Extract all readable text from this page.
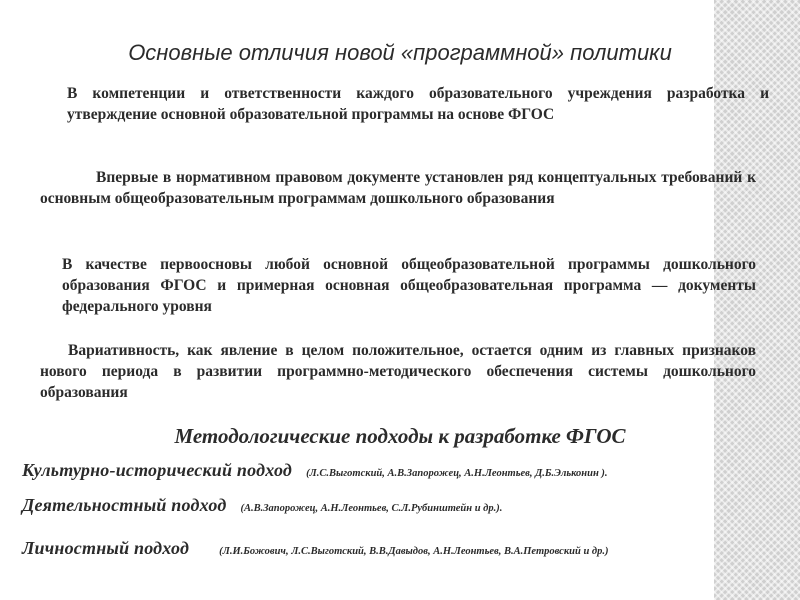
Основные отличия новой «программной» политики
В компетенции и ответственности каждого образовательного учреждения разработка и утверждение основной образовательной программы на основе ФГОС
Впервые в нормативном правовом документе установлен ряд концептуальных требований к основным общеобразовательным программам дошкольного образования
В качестве первоосновы любой основной общеобразовательной программы дошкольного образования ФГОС и примерная основная общеобразовательная программа — документы федерального уровня
Вариативность, как явление в целом положительное, остается одним из главных признаков нового периода в развитии программно-методического обеспечения системы дошкольного образования
Методологические подходы к разработке ФГОС
Культурно-исторический подход (Л.С.Выготский, А.В.Запорожец, А.Н.Леонтьев, Д.Б.Эльконин ).
Деятельностный подход (А.В.Запорожец, А.Н.Леонтьев, С.Л.Рубинштейн и др.).
Личностный подход	(Л.И.Божович, Л.С.Выготский, В.В.Давыдов, А.Н.Леонтьев, В.А.Петровский и др.)
